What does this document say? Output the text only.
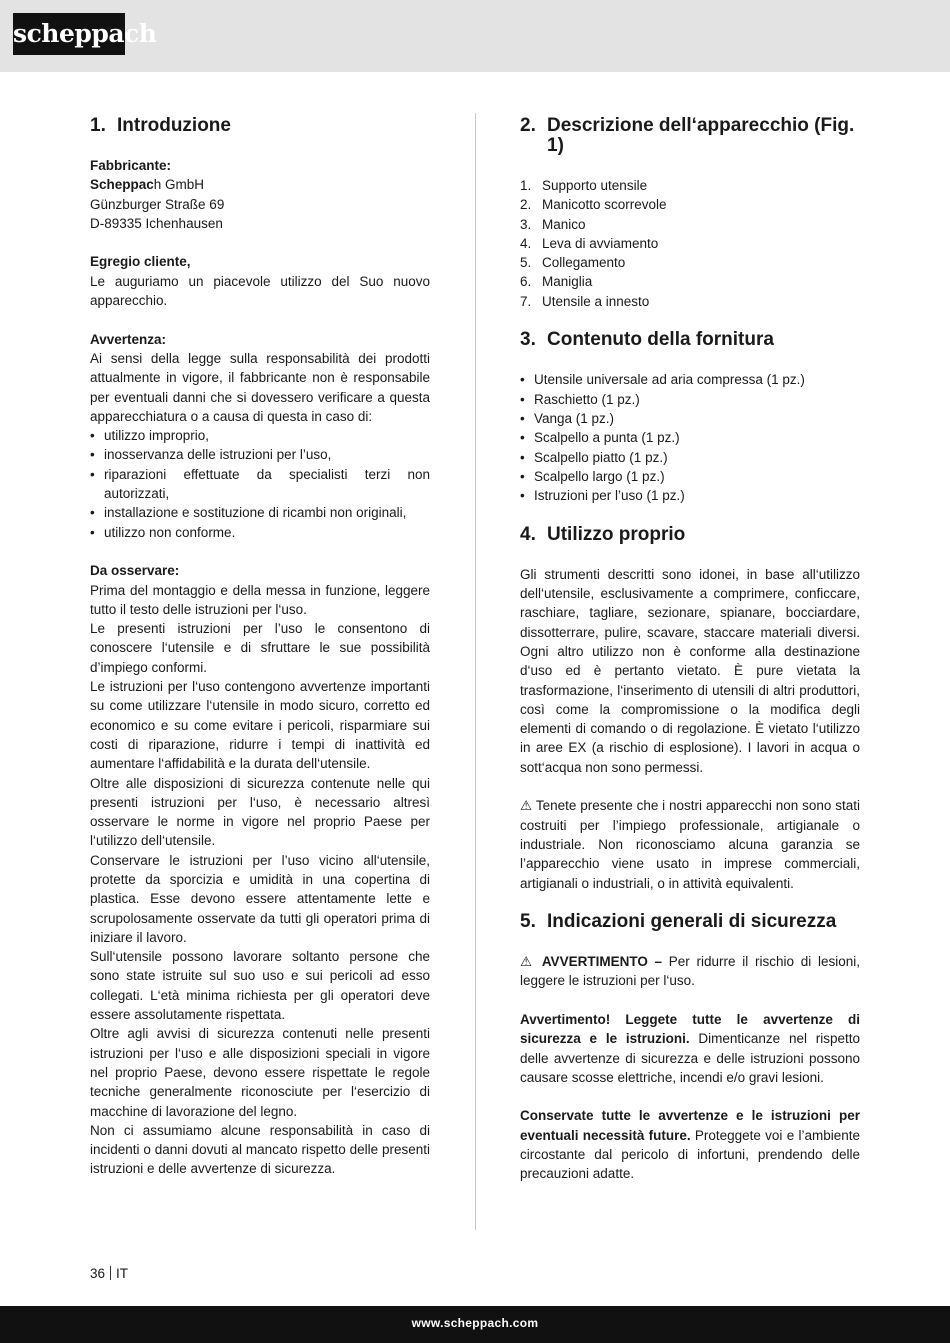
scheppach
1. Introduzione

Fabbricante:

Scheppach GmbH

Günzburger Straße 69

D-89335 Ichenhausen

Egregio cliente,

Le auguriamo un piacevole utilizzo del Suo nuovo apparecchio.

Avvertenza:

Ai sensi della legge sulla responsabilità dei prodotti attualmente in vigore, il fabbricante non è responsabile per eventuali danni che si dovessero verificare a questa apparecchiatura o a causa di questa in caso di:

• utilizzo improprio,
• inosservanza delle istruzioni per l’uso,
• riparazioni effettuate da specialisti terzi non autorizzati,
• installazione e sostituzione di ricambi non originali,
• utilizzo non conforme.

Da osservare:

Prima del montaggio e della messa in funzione, leggere tutto il testo delle istruzioni per l‘uso.

Le presenti istruzioni per l’uso le consentono di conoscere l‘utensile e di sfruttare le sue possibilità d’impiego conformi.

Le istruzioni per l‘uso contengono avvertenze importanti su come utilizzare l‘utensile in modo sicuro, corretto ed economico e su come evitare i pericoli, risparmiare sui costi di riparazione, ridurre i tempi di inattività ed aumentare l‘affidabilità e la durata dell‘utensile.

Oltre alle disposizioni di sicurezza contenute nelle qui presenti istruzioni per l‘uso, è necessario altresì osservare le norme in vigore nel proprio Paese per l‘utilizzo dell‘utensile.

Conservare le istruzioni per l’uso vicino all‘utensile, protette da sporcizia e umidità in una copertina di plastica. Esse devono essere attentamente lette e scrupolosamente osservate da tutti gli operatori prima di iniziare il lavoro.

Sull‘utensile possono lavorare soltanto persone che sono state istruite sul suo uso e sui pericoli ad esso collegati. L‘età minima richiesta per gli operatori deve essere assolutamente rispettata.

Oltre agli avvisi di sicurezza contenuti nelle presenti istruzioni per l‘uso e alle disposizioni speciali in vigore nel proprio Paese, devono essere rispettate le regole tecniche generalmente riconosciute per l‘esercizio di macchine di lavorazione del legno.

Non ci assumiamo alcune responsabilità in caso di incidenti o danni dovuti al mancato rispetto delle presenti istruzioni e delle avvertenze di sicurezza.

2. Descrizione dell‘apparecchio (Fig. 1)
1. Supporto utensile
2. Manicotto scorrevole
3. Manico
4. Leva di avviamento
5. Collegamento
6. Maniglia
7. Utensile a innesto
3. Contenuto della fornitura
• Utensile universale ad aria compressa (1 pz.)
• Raschietto (1 pz.)
• Vanga (1 pz.)
• Scalpello a punta (1 pz.)
• Scalpello piatto (1 pz.)
• Scalpello largo (1 pz.)
• Istruzioni per l’uso (1 pz.)
4. Utilizzo proprio

Gli strumenti descritti sono idonei, in base all‘utilizzo dell‘utensile, esclusivamente a comprimere, conficcare, raschiare, tagliare, sezionare, spianare, bocciardare, dissotterrare, pulire, scavare, staccare materiali diversi. Ogni altro utilizzo non è conforme alla destinazione d‘uso ed è pertanto vietato. È pure vietata la trasformazione, l‘inserimento di utensili di altri produttori, così come la compromissione o la modifica degli elementi di comando o di regolazione. È vietato l‘utilizzo in aree EX (a rischio di esplosione). I lavori in acqua o sott‘acqua non sono permessi.

⚠ Tenete presente che i nostri apparecchi non sono stati costruiti per l’impiego professionale, artigianale o industriale. Non riconosciamo alcuna garanzia se l’apparecchio viene usato in imprese commerciali, artigianali o industriali, o in attività equivalenti.

5. Indicazioni generali di sicurezza

⚠ AVVERTIMENTO – Per ridurre il rischio di lesioni, leggere le istruzioni per l‘uso.

Avvertimento! Leggete tutte le avvertenze di sicurezza e le istruzioni. Dimenticanze nel rispetto delle avvertenze di sicurezza e delle istruzioni possono causare scosse elettriche, incendi e/o gravi lesioni.

Conservate tutte le avvertenze e le istruzioni per eventuali necessità future. Proteggete voi e l’ambiente circostante dal pericolo di infortuni, prendendo delle precauzioni adatte.

36 IT
www.scheppach.com
